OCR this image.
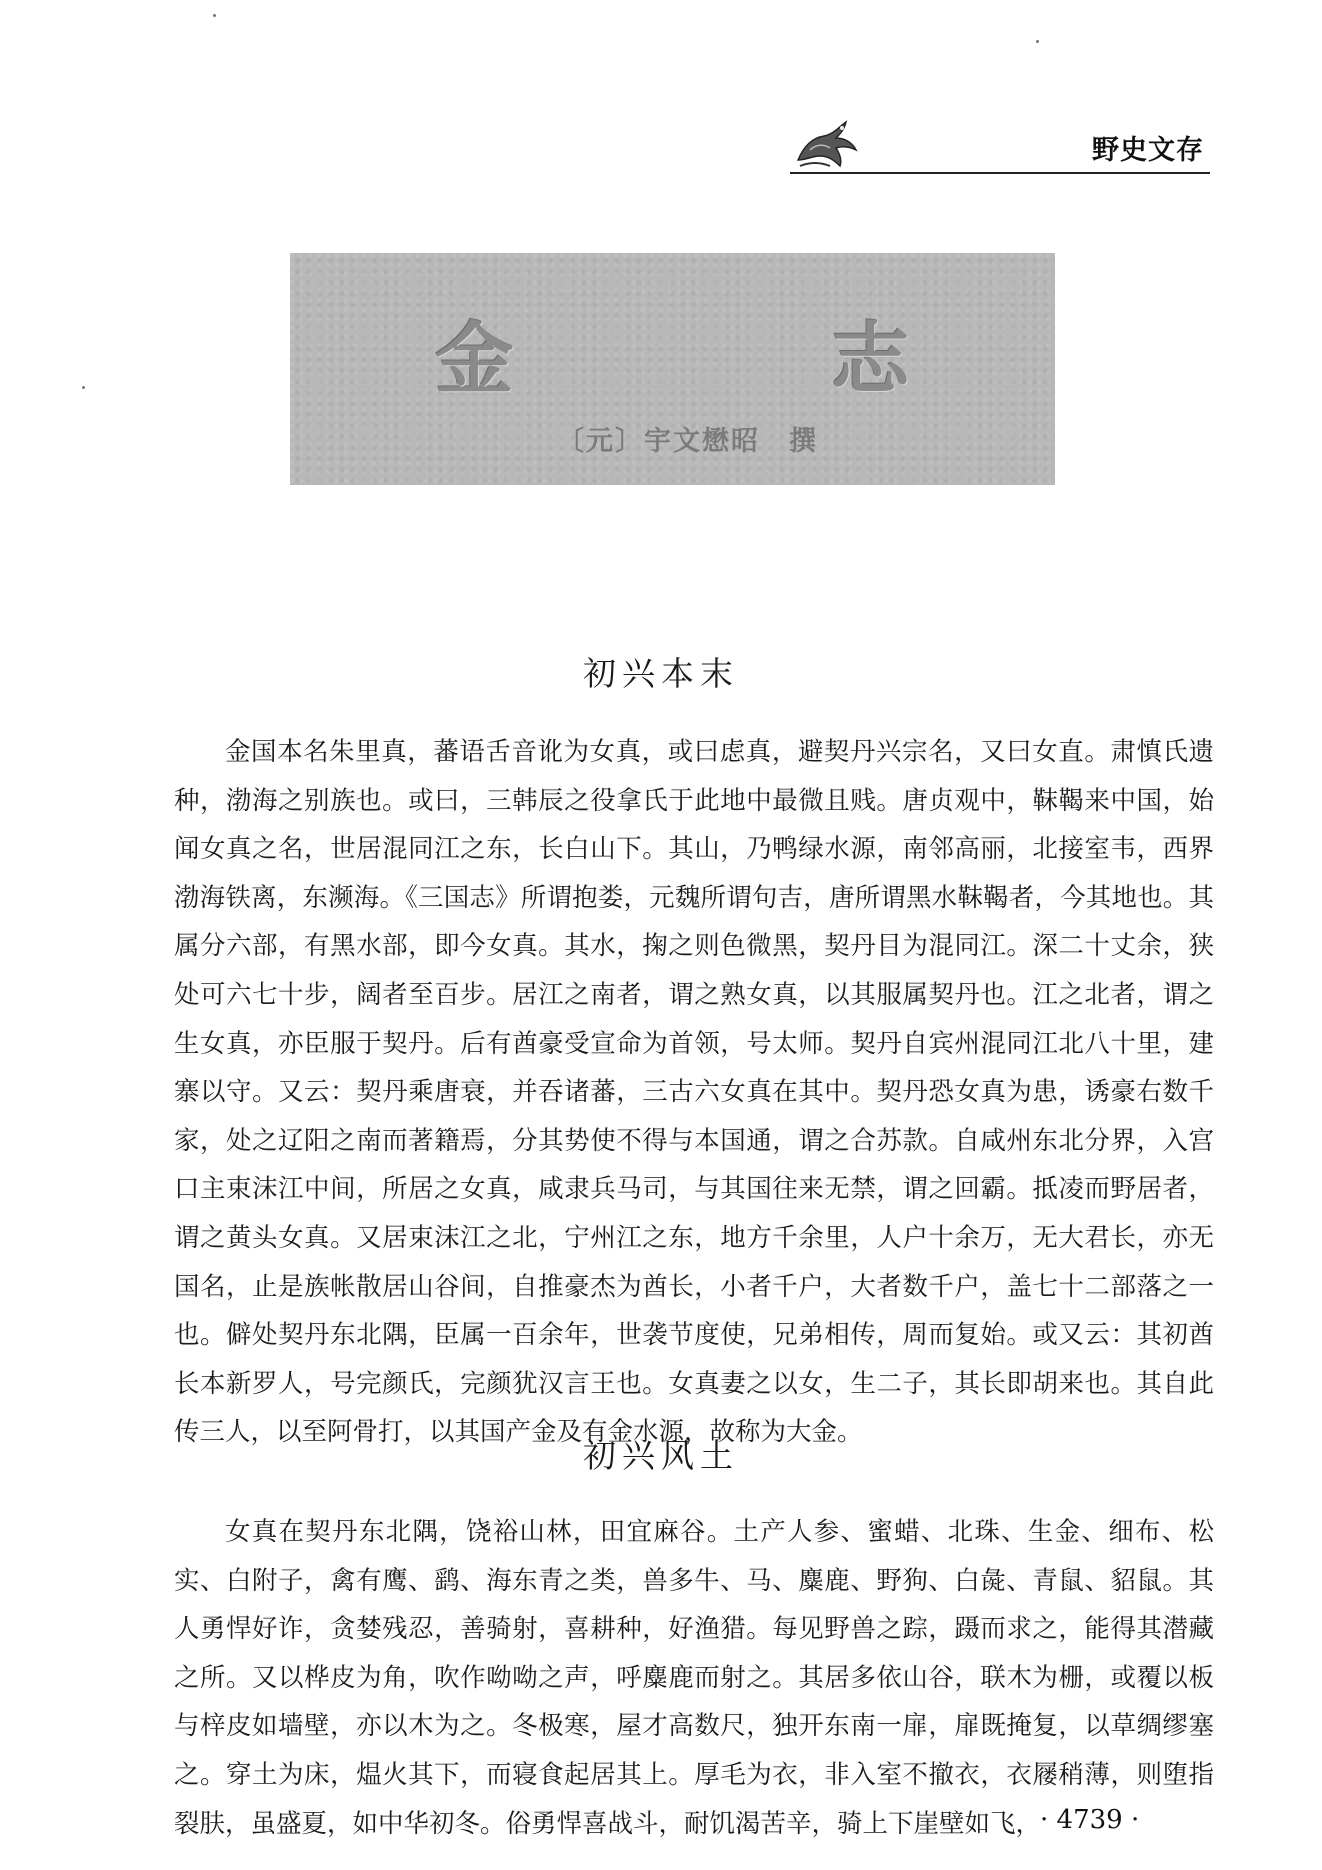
野史文存
金　志
〔元〕宇文懋昭　撰
初兴本末

金国本名朱里真，蕃语舌音讹为女真，或曰虑真，避契丹兴宗名，又曰女直。肃慎氏遗种，渤海之别族也。或曰，三韩辰之役拿氏于此地中最微且贱。唐贞观中，靺鞨来中国，始闻女真之名，世居混同江之东，长白山下。其山，乃鸭绿水源，南邻高丽，北接室韦，西界渤海铁离，东濒海。《三国志》所谓抱娄，元魏所谓句吉，唐所谓黑水靺鞨者，今其地也。其属分六部，有黑水部，即今女真。其水，掬之则色微黑，契丹目为混同江。深二十丈余，狭处可六七十步，阔者至百步。居江之南者，谓之熟女真，以其服属契丹也。江之北者，谓之生女真，亦臣服于契丹。后有酋豪受宣命为首领，号太师。契丹自宾州混同江北八十里，建寨以守。又云：契丹乘唐衰，并吞诸蕃，三古六女真在其中。契丹恐女真为患，诱豪右数千家，处之辽阳之南而著籍焉，分其势使不得与本国通，谓之合苏款。自咸州东北分界，入宫口主束沫江中间，所居之女真，咸隶兵马司，与其国往来无禁，谓之回霸。抵凌而野居者，谓之黄头女真。又居束沫江之北，宁州江之东，地方千余里，人户十余万，无大君长，亦无国名，止是族帐散居山谷间，自推豪杰为酋长，小者千户，大者数千户，盖七十二部落之一也。僻处契丹东北隅，臣属一百余年，世袭节度使，兄弟相传，周而复始。或又云：其初酋长本新罗人，号完颜氏，完颜犹汉言王也。女真妻之以女，生二子，其长即胡来也。其自此传三人，以至阿骨打，以其国产金及有金水源，故称为大金。

初兴风土

女真在契丹东北隅，饶裕山林，田宜麻谷。土产人参、蜜蜡、北珠、生金、细布、松实、白附子，禽有鹰、鹞、海东青之类，兽多牛、马、麋鹿、野狗、白彘、青鼠、貂鼠。其人勇悍好诈，贪婪残忍，善骑射，喜耕种，好渔猎。每见野兽之踪，蹑而求之，能得其潜藏之所。又以桦皮为角，吹作呦呦之声，呼麋鹿而射之。其居多依山谷，联木为栅，或覆以板与梓皮如墙壁，亦以木为之。冬极寒，屋才高数尺，独开东南一扉，扉既掩复，以草绸缪塞之。穿土为床，煴火其下，而寝食起居其上。厚毛为衣，非入室不撤衣，衣屦稍薄，则堕指裂肤，虽盛夏，如中华初冬。俗勇悍喜战斗，耐饥渴苦辛，骑上下崖壁如飞，

· 4739 ·
